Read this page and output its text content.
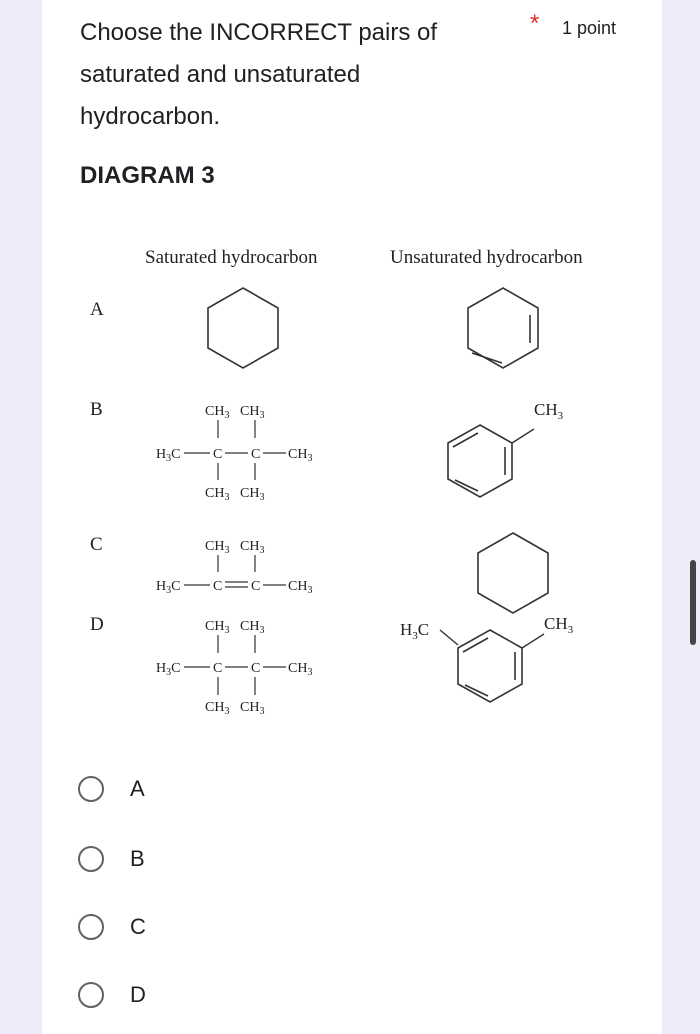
Choose the INCORRECT pairs of saturated and unsaturated hydrocarbon.
* 1 point
DIAGRAM 3
Saturated hydrocarbon	Unsaturated hydrocarbon
A
B
C
D
$CH_3$ $CH_3$
$H_3C$ C C $CH_3$
$CH_3$ $CH_3$
$CH_3$
$CH_3$ $CH_3$
$H_3C$ C C $CH_3$
$CH_3$ $CH_3$
$H_3C$ C C $CH_3$
$CH_3$ $CH_3$
$H_3C$	$CH_3$
A
B
C
D
